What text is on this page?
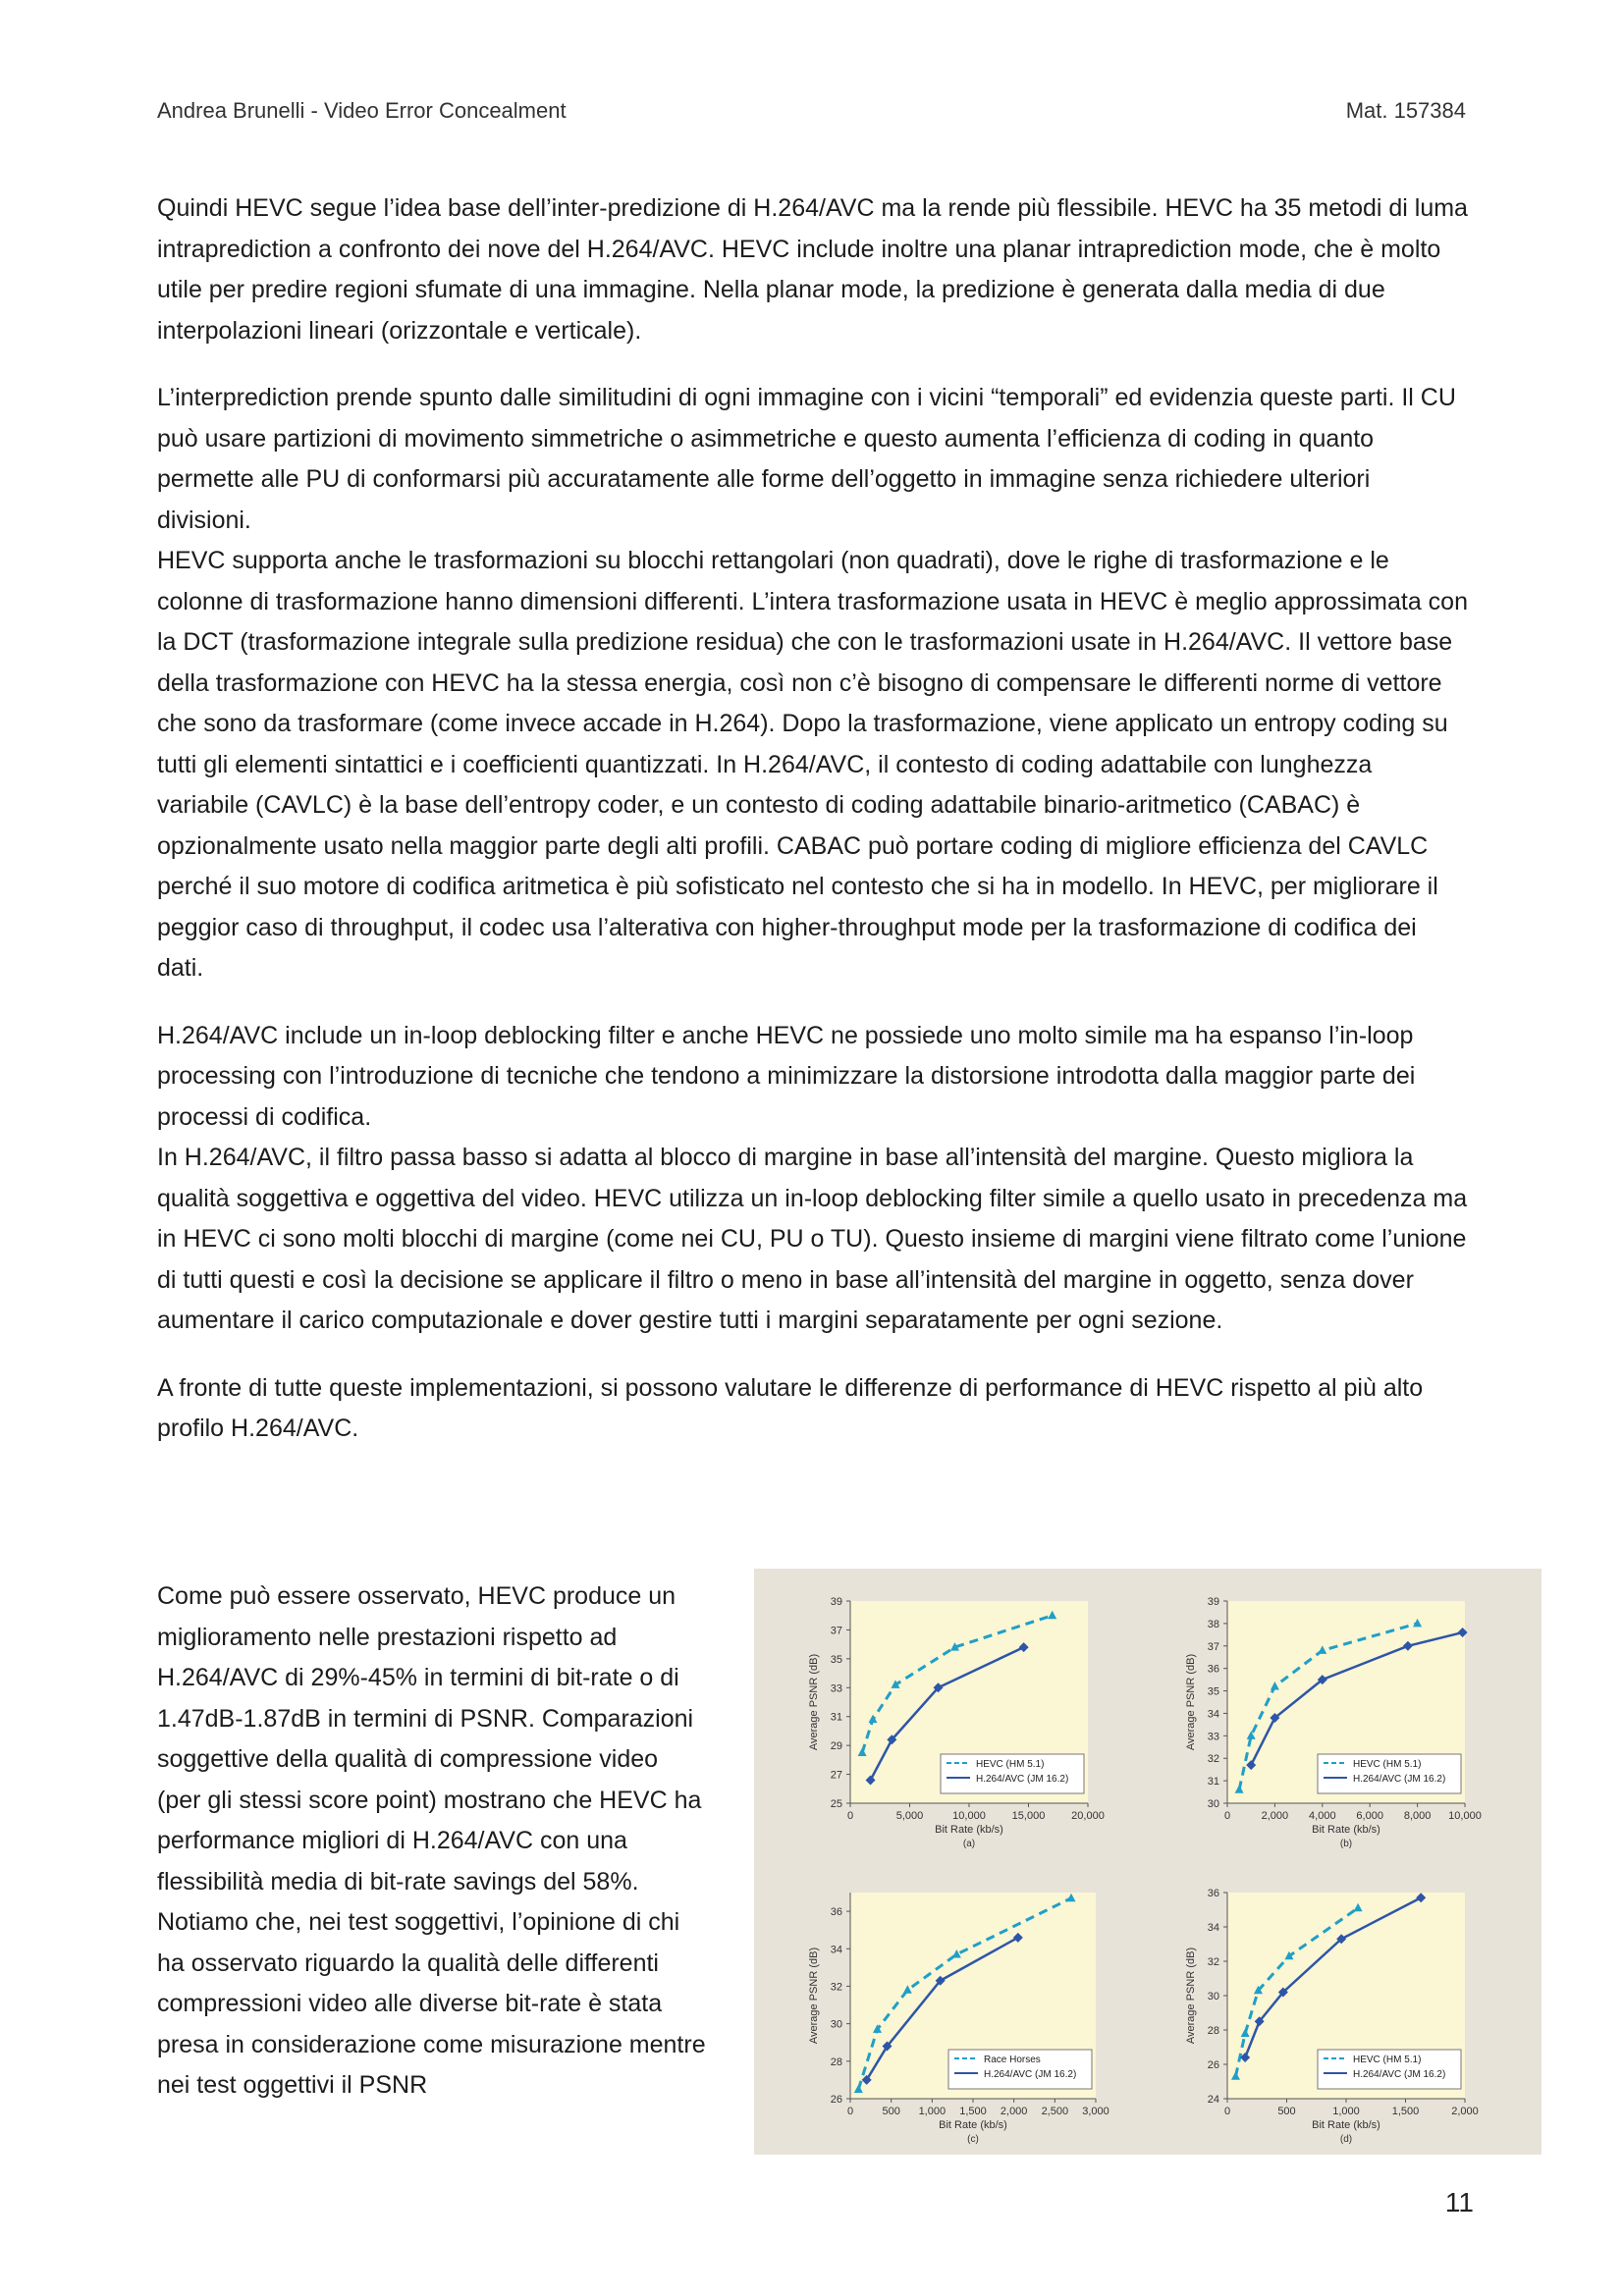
Andrea Brunelli - Video Error Concealment	Mat. 157384

Quindi HEVC segue l’idea base dell’inter-predizione di H.264/AVC ma la rende più flessibile. HEVC ha 35 metodi di luma intraprediction a confronto dei nove del H.264/AVC. HEVC include inoltre una planar intraprediction mode, che è molto utile per predire regioni sfumate di una immagine. Nella planar mode, la predizione è generata dalla media di due interpolazioni lineari (orizzontale e verticale).

L’interprediction prende spunto dalle similitudini di ogni immagine con i vicini “temporali” ed evidenzia queste parti. Il CU può usare partizioni di movimento simmetriche o asimmetriche e questo aumenta l’efficienza di coding in quanto permette alle PU di conformarsi più accuratamente alle forme dell’oggetto in immagine senza richiedere ulteriori divisioni.

HEVC supporta anche le trasformazioni su blocchi rettangolari (non quadrati), dove le righe di trasformazione e le colonne di trasformazione hanno dimensioni differenti. L’intera trasformazione usata in HEVC è meglio approssimata con la DCT (trasformazione integrale sulla predizione residua) che con le trasformazioni usate in H.264/AVC. Il vettore base della trasformazione con HEVC ha la stessa energia, così non c’è bisogno di compensare le differenti norme di vettore che sono da trasformare (come invece accade in H.264). Dopo la trasformazione, viene applicato un entropy coding su tutti gli elementi sintattici e i coefficienti quantizzati. In H.264/AVC, il contesto di coding adattabile con lunghezza variabile (CAVLC) è la base dell’entropy coder, e un contesto di coding adattabile binario-aritmetico (CABAC) è opzionalmente usato nella maggior parte degli alti profili. CABAC può portare coding di migliore efficienza del CAVLC perché il suo motore di codifica aritmetica è più sofisticato nel contesto che si ha in modello. In HEVC, per migliorare il peggior caso di throughput, il codec usa l’alterativa con higher-throughput mode per la trasformazione di codifica dei dati.

H.264/AVC include un in-loop deblocking filter e anche HEVC ne possiede uno molto simile ma ha espanso l’in-loop processing con l’introduzione di tecniche che tendono a minimizzare la distorsione introdotta dalla maggior parte dei processi di codifica.

In H.264/AVC, il filtro passa basso si adatta al blocco di margine in base all’intensità del margine. Questo migliora la qualità soggettiva e oggettiva del video. HEVC utilizza un in-loop deblocking filter simile a quello usato in precedenza ma in HEVC ci sono molti blocchi di margine (come nei CU, PU o TU). Questo insieme di margini viene filtrato come l’unione di tutti questi e così la decisione se applicare il filtro o meno in base all’intensità del margine in oggetto, senza dover aumentare il carico computazionale e dover gestire tutti i margini separatamente per ogni sezione.

A fronte di tutte queste implementazioni, si possono valutare le differenze di performance di HEVC rispetto al più alto profilo H.264/AVC.

Come può essere osservato, HEVC produce un miglioramento nelle prestazioni rispetto ad H.264/AVC di 29%-45% in termini di bit-rate o di 1.47dB-1.87dB in termini di PSNR. Comparazioni soggettive della qualità di compressione video (per gli stessi score point) mostrano che HEVC ha performance migliori di H.264/AVC con una flessibilità media di bit-rate savings del 58%. Notiamo che, nei test soggettivi, l’opinione di chi ha osservato riguardo la qualità delle differenti compressioni video alle diverse bit-rate è stata presa in considerazione come misurazione mentre nei test oggettivi il PSNR
25
27
29
31
33
35
37
39
0	5,000	10,000 15,000 20,000
Bit Rate (kb/s)
(a)
Average PSNR (dB)
HEVC (HM 5.1)
H.264/AVC (JM 16.2)
30
31
32
33
34
35
36
37
38
39
0	2,000 4,000 6,000 8,000 10,000
Bit Rate (kb/s)
(b)
Average PSNR (dB)
HEVC (HM 5.1)
H.264/AVC (JM 16.2)
26
28
30
32
34
36
0	500 1,000 1,500 2,000 2,500 3,000
Bit Rate (kb/s)
(c)
Average PSNR (dB)
Race Horses
H.264/AVC (JM 16.2)
24
26
28
30
32
34
36
0	500	1,000	1,500	2,000
Bit Rate (kb/s)
(d)
Average PSNR (dB)
HEVC (HM 5.1)
H.264/AVC (JM 16.2)
11
